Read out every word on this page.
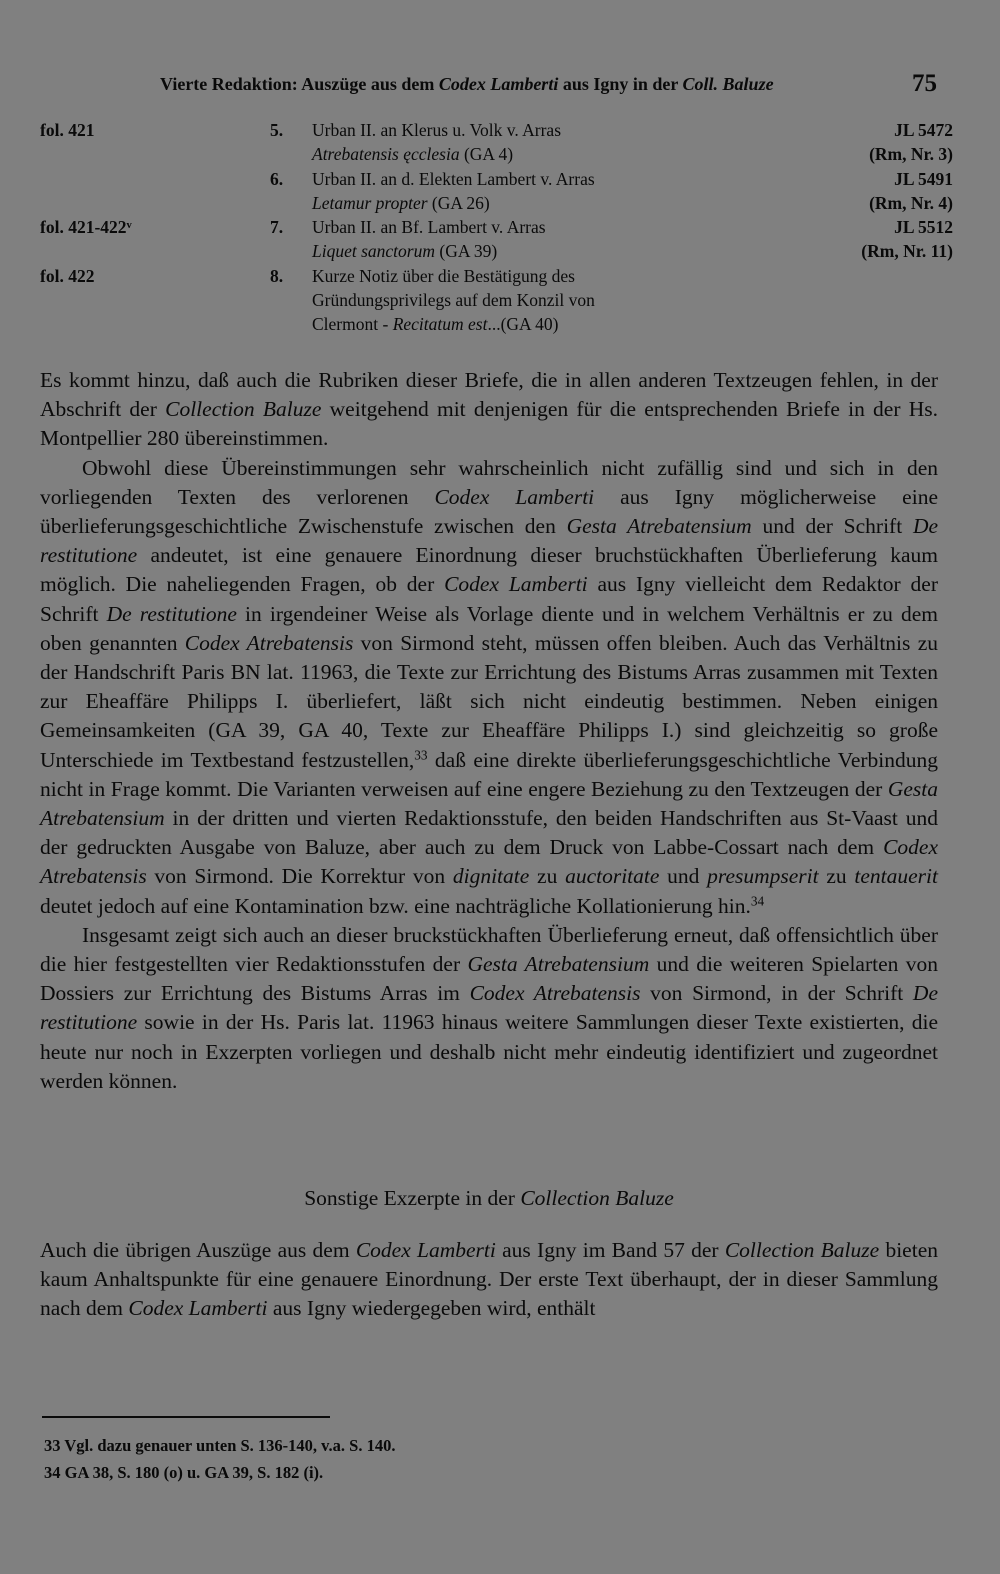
Vierte Redaktion: Auszüge aus dem Codex Lamberti aus Igny in der Coll. Baluze	75
fol. 421	5. Urban II. an Klerus u. Volk v. Arras	JL 5472
Atrebatensis ęcclesia (GA 4)	(Rm, Nr. 3)
6. Urban II. an d. Elekten Lambert v. Arras	JL 5491
Letamur propter (GA 26)	(Rm, Nr. 4)
fol. 421-422ᵛ	7. Urban II. an Bf. Lambert v. Arras	JL 5512
Liquet sanctorum (GA 39)	(Rm, Nr. 11)
fol. 422	8. Kurze Notiz über die Bestätigung des
Gründungsprivilegs auf dem Konzil von
Clermont - Recitatum est...(GA 40)

Es kommt hinzu, daß auch die Rubriken dieser Briefe, die in allen anderen Textzeugen fehlen, in der Abschrift der Collection Baluze weitgehend mit denjenigen für die entsprechenden Briefe in der Hs. Montpellier 280 übereinstimmen.

Obwohl diese Übereinstimmungen sehr wahrscheinlich nicht zufällig sind und sich in den vorliegenden Texten des verlorenen Codex Lamberti aus Igny möglicherweise eine überlieferungsgeschichtliche Zwischenstufe zwischen den Gesta Atrebatensium und der Schrift De restitutione andeutet, ist eine genauere Einordnung dieser bruchstückhaften Überlieferung kaum möglich. Die naheliegenden Fragen, ob der Codex Lamberti aus Igny vielleicht dem Redaktor der Schrift De restitutione in irgendeiner Weise als Vorlage diente und in welchem Verhältnis er zu dem oben genannten Codex Atrebatensis von Sirmond steht, müssen offen bleiben. Auch das Verhältnis zu der Handschrift Paris BN lat. 11963, die Texte zur Errichtung des Bistums Arras zusammen mit Texten zur Eheaffäre Philipps I. überliefert, läßt sich nicht eindeutig bestimmen. Neben einigen Gemeinsamkeiten (GA 39, GA 40, Texte zur Eheaffäre Philipps I.) sind gleichzeitig so große Unterschiede im Textbestand festzustellen,$^{33}$ daß eine direkte überlieferungsgeschichtliche Verbindung nicht in Frage kommt. Die Varianten verweisen auf eine engere Beziehung zu den Textzeugen der Gesta Atrebatensium in der dritten und vierten Redaktionsstufe, den beiden Handschriften aus St-Vaast und der gedruckten Ausgabe von Baluze, aber auch zu dem Druck von Labbe-Cossart nach dem Codex Atrebatensis von Sirmond. Die Korrektur von dignitate zu auctoritate und presumpserit zu tentauerit deutet jedoch auf eine Kontamination bzw. eine nachträgliche Kollationierung hin.$^{34}$

Insgesamt zeigt sich auch an dieser bruckstückhaften Überlieferung erneut, daß offensichtlich über die hier festgestellten vier Redaktionsstufen der Gesta Atrebatensium und die weiteren Spielarten von Dossiers zur Errichtung des Bistums Arras im Codex Atrebatensis von Sirmond, in der Schrift De restitutione sowie in der Hs. Paris lat. 11963 hinaus weitere Sammlungen dieser Texte existierten, die heute nur noch in Exzerpten vorliegen und deshalb nicht mehr eindeutig identifiziert und zugeordnet werden können.

Sonstige Exzerpte in der Collection Baluze

Auch die übrigen Auszüge aus dem Codex Lamberti aus Igny im Band 57 der Collection Baluze bieten kaum Anhaltspunkte für eine genauere Einordnung. Der erste Text überhaupt, der in dieser Sammlung nach dem Codex Lamberti aus Igny wiedergegeben wird, enthält

33 Vgl. dazu genauer unten S. 136-140, v.a. S. 140.
34 GA 38, S. 180 (o) u. GA 39, S. 182 (i).
